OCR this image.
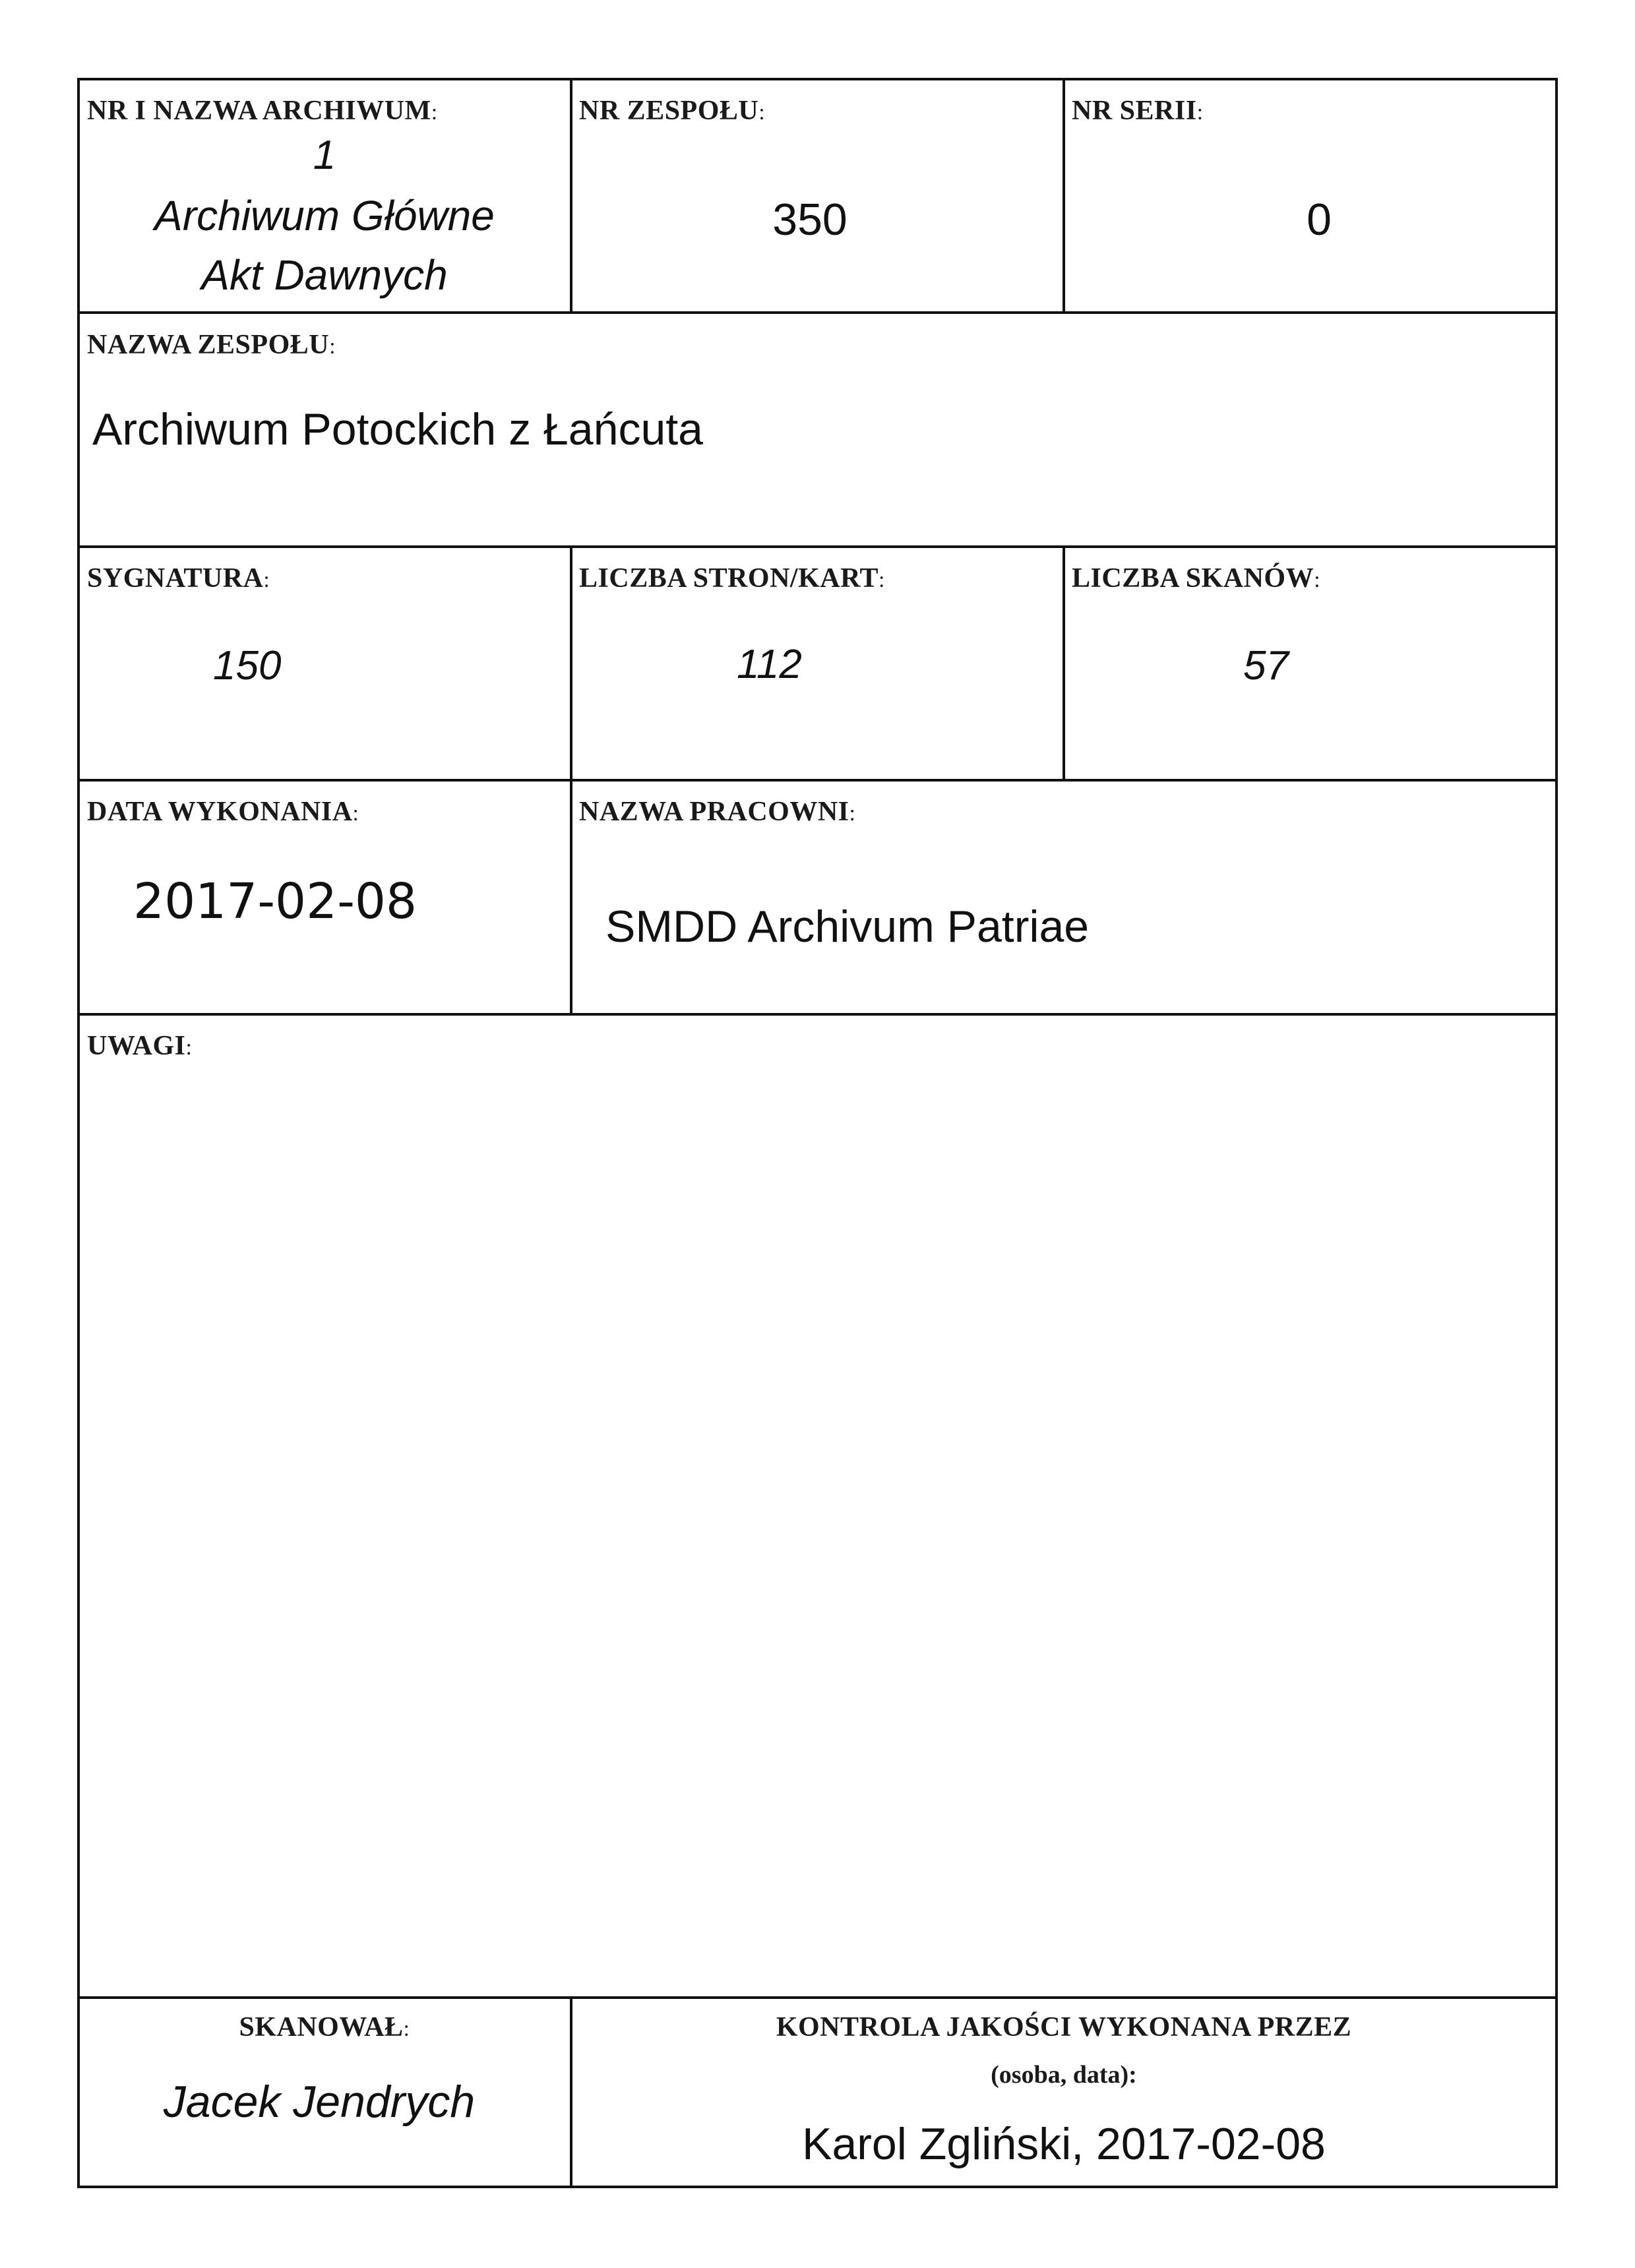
NR I NAZWA ARCHIWUM:
1
Archiwum Główne
Akt Dawnych
NR ZESPOŁU:
350
NR SERII:
0
NAZWA ZESPOŁU:
Archiwum Potockich z Łańcuta
SYGNATURA:
150
LICZBA STRON/KART:
112
LICZBA SKANÓW:
57
DATA WYKONANIA:
2017-02-08
NAZWA PRACOWNI:
SMDD Archivum Patriae
UWAGI:
SKANOWAŁ:
Jacek Jendrych
KONTROLA JAKOŚCI WYKONANA PRZEZ
(osoba, data):
Karol Zgliński, 2017-02-08
